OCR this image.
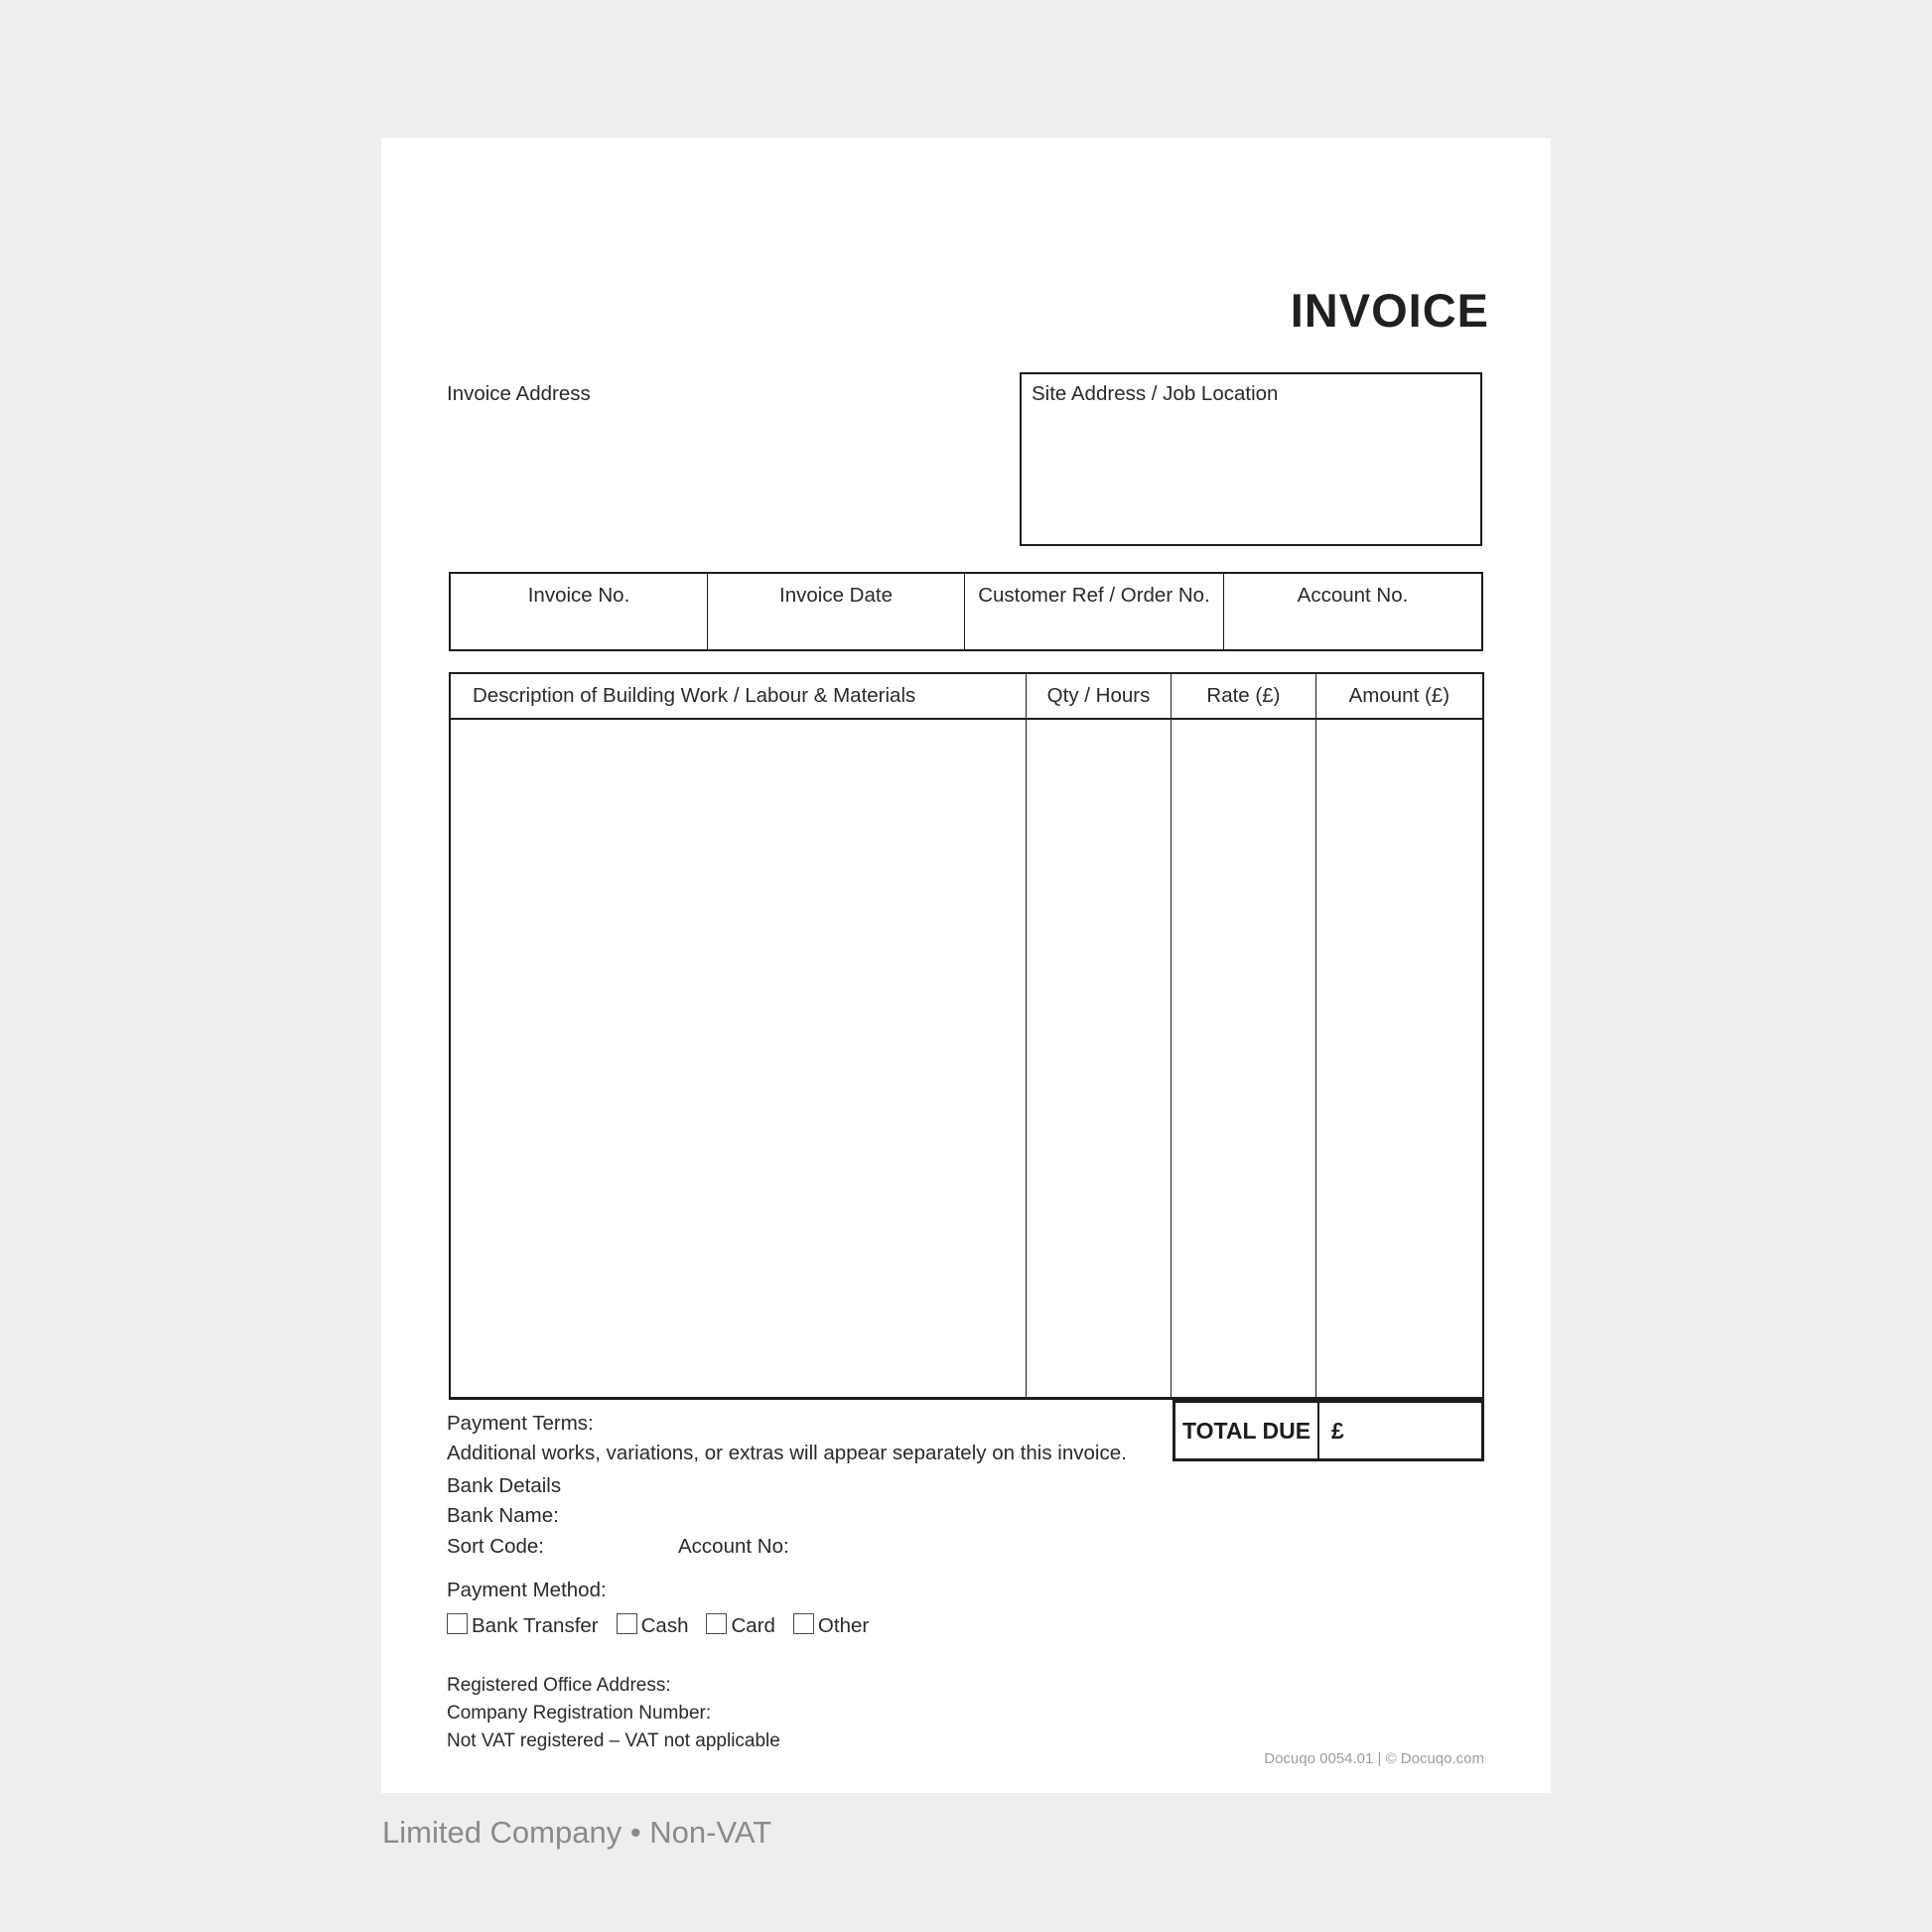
INVOICE
Invoice Address	Site Address / Job Location
Invoice No.	Invoice Date	Customer Ref / Order No.	Account No.
Description of Building Work / Labour & Materials	Qty / Hours	Rate (£)	Amount (£)
TOTAL DUE £
Payment Terms:
Additional works, variations, or extras will appear separately on this invoice.
Bank Details
Bank Name:
Sort Code:	Account No:
Payment Method:
Bank Transfer Cash Card Other
Registered Office Address:
Company Registration Number:
Not VAT registered – VAT not applicable
Docuqo 0054.01 | © Docuqo.com
Limited Company • Non-VAT
